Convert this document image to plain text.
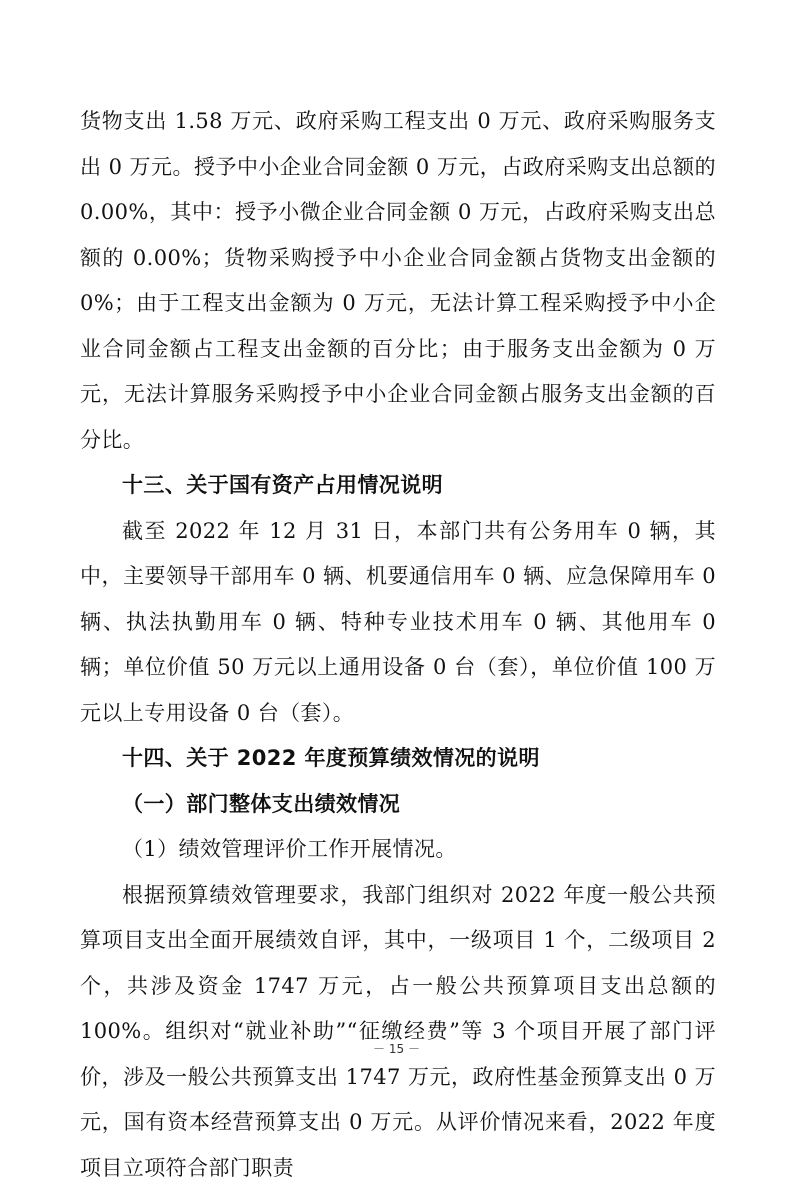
货物支出 1.58 万元、政府采购工程支出 0 万元、政府采购服务支出 0 万元。授予中小企业合同金额 0 万元，占政府采购支出总额的 0.00%，其中：授予小微企业合同金额 0 万元，占政府采购支出总额的 0.00%；货物采购授予中小企业合同金额占货物支出金额的 0%；由于工程支出金额为 0 万元，无法计算工程采购授予中小企业合同金额占工程支出金额的百分比；由于服务支出金额为 0 万元，无法计算服务采购授予中小企业合同金额占服务支出金额的百分比。

十三、关于国有资产占用情况说明

截至 2022 年 12 月 31 日，本部门共有公务用车 0 辆，其中，主要领导干部用车 0 辆、机要通信用车 0 辆、应急保障用车 0 辆、执法执勤用车 0 辆、特种专业技术用车 0 辆、其他用车 0 辆；单位价值 50 万元以上通用设备 0 台（套），单位价值 100 万元以上专用设备 0 台（套）。

十四、关于 2022 年度预算绩效情况的说明
（一）部门整体支出绩效情况

（1）绩效管理评价工作开展情况。

根据预算绩效管理要求，我部门组织对 2022 年度一般公共预算项目支出全面开展绩效自评，其中，一级项目 1 个，二级项目 2 个，共涉及资金 1747 万元，占一般公共预算项目支出总额的 100%。组织对“就业补助”“征缴经费”等 3 个项目开展了部门评价，涉及一般公共预算支出 1747 万元，政府性基金预算支出 0 万元，国有资本经营预算支出 0 万元。从评价情况来看，2022 年度项目立项符合部门职责

－ 15 －
